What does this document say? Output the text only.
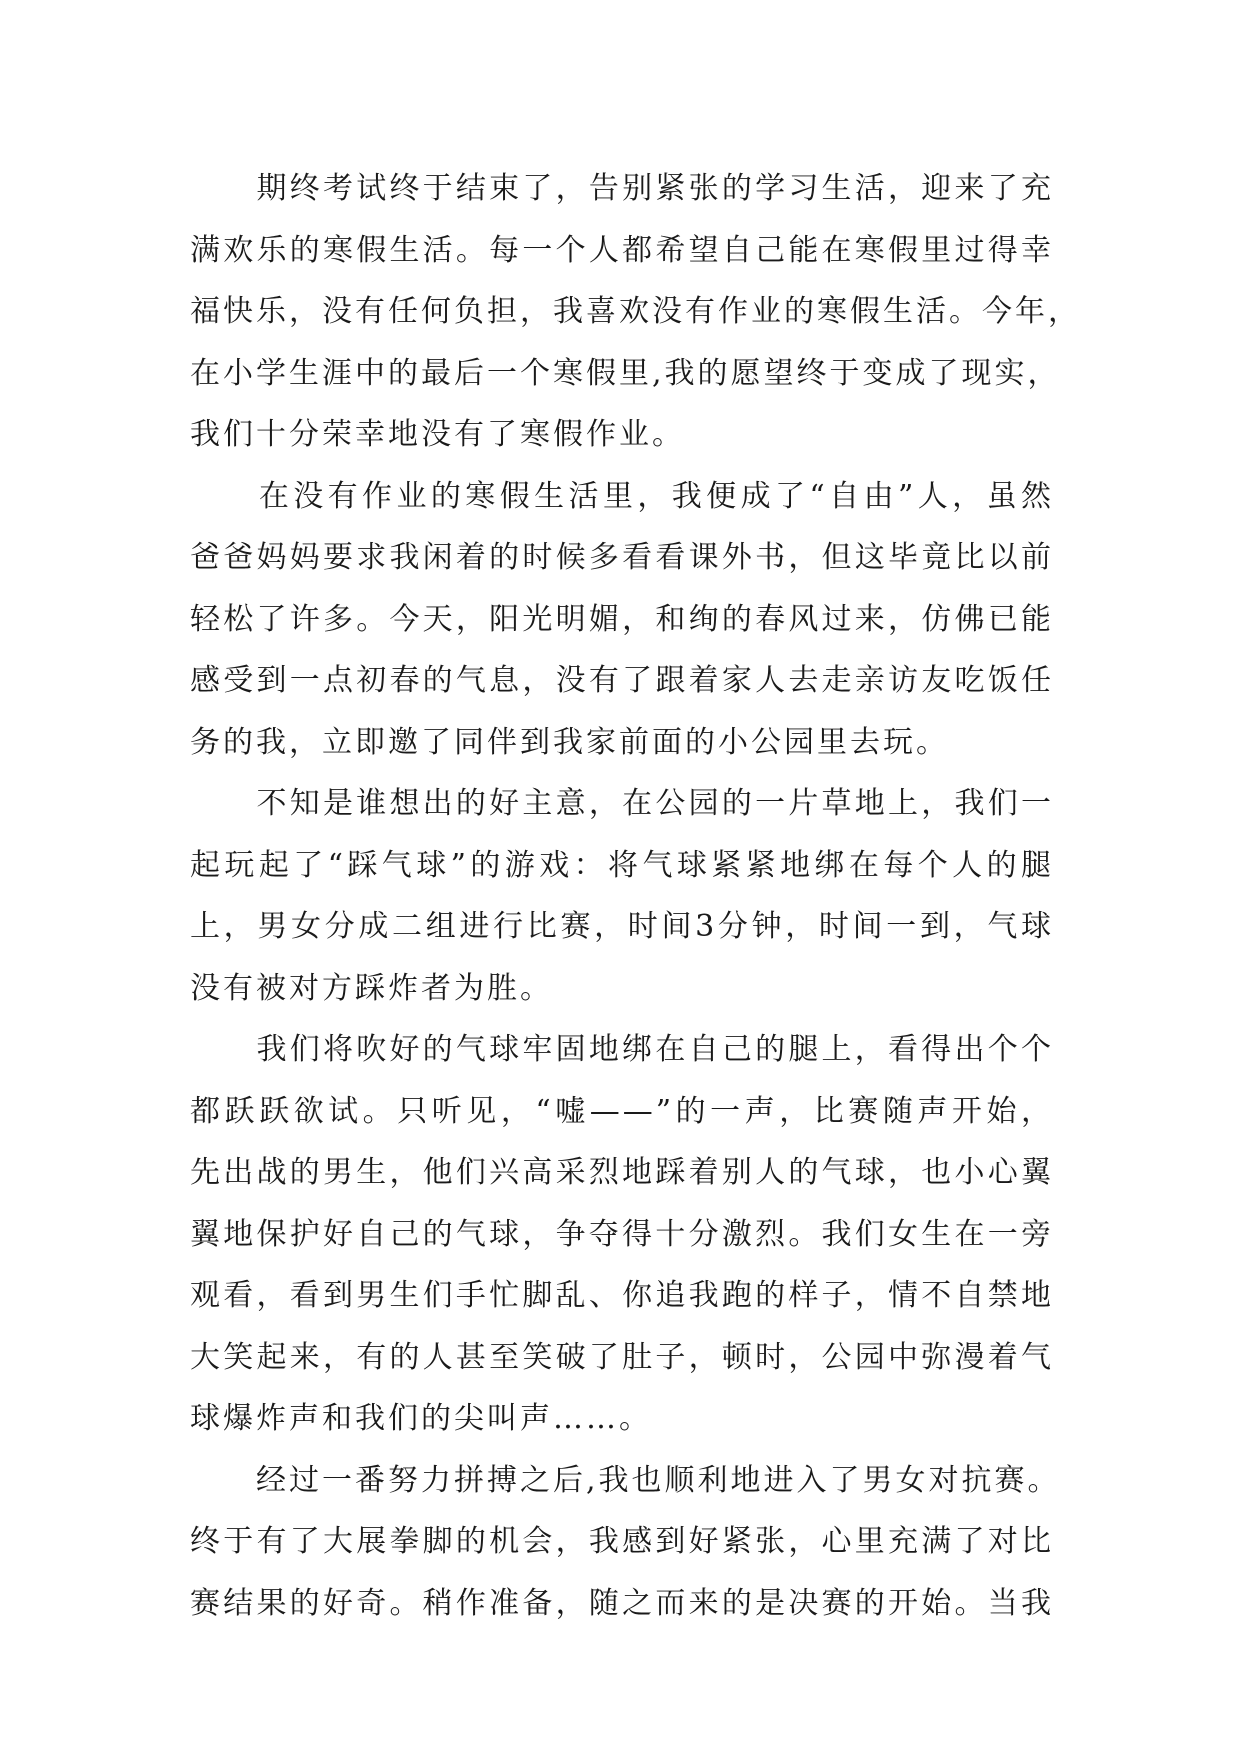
　　期终考试终于结束了，告别紧张的学习生活，迎来了充
满欢乐的寒假生活。每一个人都希望自己能在寒假里过得幸
福快乐，没有任何负担，我喜欢没有作业的寒假生活。今年，
在小学生涯中的最后一个寒假里,我的愿望终于变成了现实，
我们十分荣幸地没有了寒假作业。
　　在没有作业的寒假生活里，我便成了“自由”人，虽然
爸爸妈妈要求我闲着的时候多看看课外书，但这毕竟比以前
轻松了许多。今天，阳光明媚，和绚的春风过来，仿佛已能
感受到一点初春的气息，没有了跟着家人去走亲访友吃饭任
务的我，立即邀了同伴到我家前面的小公园里去玩。
　　不知是谁想出的好主意，在公园的一片草地上，我们一
起玩起了“踩气球”的游戏：将气球紧紧地绑在每个人的腿
上，男女分成二组进行比赛，时间3分钟，时间一到，气球
没有被对方踩炸者为胜。
　　我们将吹好的气球牢固地绑在自己的腿上，看得出个个
都跃跃欲试。只听见，“嘘——”的一声，比赛随声开始，
先出战的男生，他们兴高采烈地踩着别人的气球，也小心翼
翼地保护好自己的气球，争夺得十分激烈。我们女生在一旁
观看，看到男生们手忙脚乱、你追我跑的样子，情不自禁地
大笑起来，有的人甚至笑破了肚子，顿时，公园中弥漫着气
球爆炸声和我们的尖叫声……。
　　经过一番努力拼搏之后,我也顺利地进入了男女对抗赛。
终于有了大展拳脚的机会，我感到好紧张，心里充满了对比
赛结果的好奇。稍作准备，随之而来的是决赛的开始。当我
